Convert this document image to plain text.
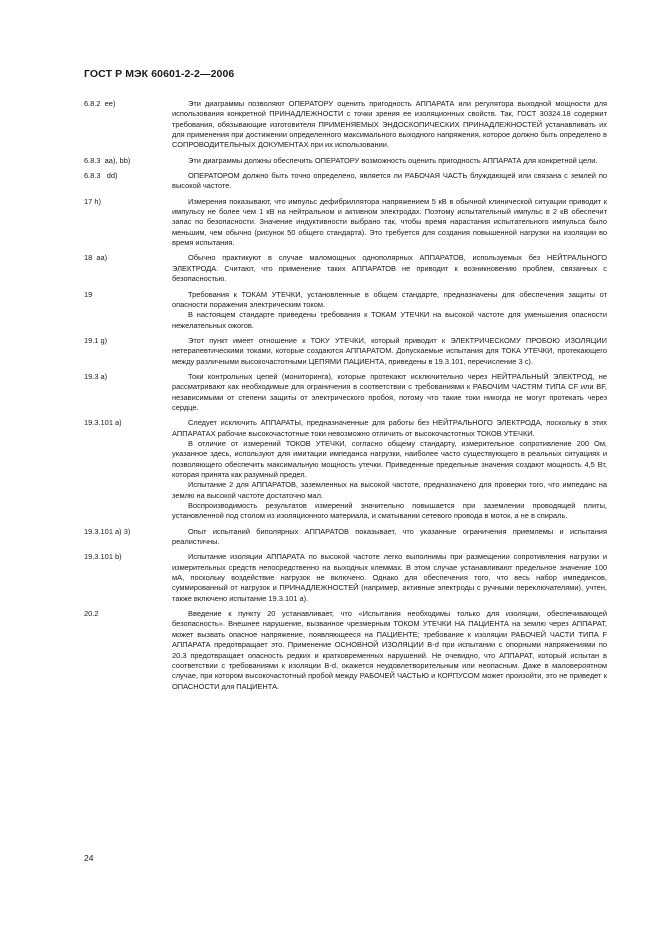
ГОСТ Р МЭК 60601-2-2—2006
6.8.2  ee)	Эти диаграммы позволяют ОПЕРАТОРУ оценить пригодность АППАРАТА или регулятора выходной мощности для использования конкретной ПРИНАДЛЕЖНОСТИ с точки зрения ее изоляционных свойств. Так, ГОСТ 30324.18 содержит требования, обязывающие изготовителя ПРИМЕНЯЕМЫХ ЭНДОСКОПИЧЕСКИХ ПРИНАДЛЕЖНОСТЕЙ устанавливать их для применения при достижении определенного максимального выходного напряжения, которое должно быть определено в СОПРОВОДИТЕЛЬНЫХ ДОКУМЕНТАХ при их использовании.

6.8.3  aa), bb)	Эти диаграммы должны обеспечить ОПЕРАТОРУ возможность оценить пригодность АППАРАТА для конкретной цели.

6.8.3   dd)	ОПЕРАТОРОМ должно быть точно определено, является ли РАБОЧАЯ ЧАСТЬ блуждающей или связана с землей по высокой частоте.

17 h)	Измерения показывают, что импульс дефибриллятора напряжением 5 кВ в обычной клинической ситуации приводит к импульсу не более чем 1 кВ на нейтральном и активном электродах. Поэтому испытательный импульс в 2 кВ обеспечит запас по безопасности. Значение индуктивности выбрано так, чтобы время нарастания испытательного импульса было меньшим, чем обычно (рисунок 50 общего стандарта). Это требуется для создания повышенной нагрузки на изоляции во время испытания.

18  aa)	Обычно практикуют в случае маломощных однополярных АППАРАТОВ, используемых без НЕЙТРАЛЬНОГО ЭЛЕКТРОДА. Считают, что применение таких АППАРАТОВ не приводит к возникновению проблем, связанных с безопасностью.

19	Требования к ТОКАМ УТЕЧКИ, установленные в общем стандарте, предназначены для обеспечения защиты от опасности поражения электрическим током.

В настоящем стандарте приведены требования к ТОКАМ УТЕЧКИ на высокой частоте для уменьшения опасности нежелательных ожогов.

19.1 g)	Этот пункт имеет отношение к ТОКУ УТЕЧКИ, который приводит к ЭЛЕКТРИЧЕСКОМУ ПРОБОЮ ИЗОЛЯЦИИ нетерапевтическими токами, которые создаются АППАРАТОМ. Допускаемые испытания для ТОКА УТЕЧКИ, протекающего между различными высокочастотными ЦЕПЯМИ ПАЦИЕНТА, приведены в 19.3.101, перечисление 3 с).

19.3 a)	Токи контрольных цепей (мониторинга), которые протекают исключительно через НЕЙТРАЛЬНЫЙ ЭЛЕКТРОД, не рассматривают как необходимые для ограничения в соответствии с требованиями к РАБОЧИМ ЧАСТЯМ ТИПА CF или BF, независимыми от степени защиты от электрического пробоя, потому что такие токи никогда не могут протекать через сердце.

19.3.101 a)	Следует исключить АППАРАТЫ, предназначенные для работы без НЕЙТРАЛЬНОГО ЭЛЕКТРОДА, поскольку в этих АППАРАТАХ рабочие высокочастотные токи невозможно отличить от высокочастотных ТОКОВ УТЕЧКИ.

В отличие от измерений ТОКОВ УТЕЧКИ, согласно общему стандарту, измерительное сопротивление 200 Ом, указанное здесь, используют для имитации импеданса нагрузки, наиболее часто существующего в реальных ситуациях и позволяющего обеспечить максимальную мощность утечки. Приведенные предельные значения создают мощность 4,5 Вт, которая принята как разумный предел.

Испытание 2 для АППАРАТОВ, заземленных на высокой частоте, предназначено для проверки того, что импеданс на землю на высокой частоте достаточно мал.

Воспроизводимость результатов измерений значительно повышается при заземлении проводящей плиты, установленной под столом из изоляционного материала, и сматывании сетевого провода в моток, а не в спираль.

19.3.101 a) 3)	Опыт испытаний биполярных АППАРАТОВ показывает, что указанные ограничения приемлемы и испытания реалистичны.

19.3.101 b)	Испытание изоляции АППАРАТА по высокой частоте легко выполнимы при размещении сопротивления нагрузки и измерительных средств непосредственно на выходных клеммах. В этом случае устанавливают предельное значение 100 мА, поскольку воздействие нагрузок не включено. Однако для обеспечения того, что весь набор импедансов, суммированный от нагрузок и ПРИНАДЛЕЖНОСТЕЙ (например, активные электроды с ручными переключателями), учтен, также включено испытание 19.3.101 a).

20.2	Введение к пункту 20 устанавливает, что «Испытания необходимы только для изоляции, обеспечивающей безопасность». Внешнее нарушение, вызванное чрезмерным ТОКОМ УТЕЧКИ НА ПАЦИЕНТА на землю через АППАРАТ, может вызвать опасное напряжение, появляющееся на ПАЦИЕНТЕ; требование к изоляции РАБОЧЕЙ ЧАСТИ ТИПА F АППАРАТА предотвращает это. Применение ОСНОВНОЙ ИЗОЛЯЦИИ B-d при испытании с опорными напряжениями по 20.3 предотвращает опасность редких и кратковременных нарушений. Не очевидно, что АППАРАТ, который испытан в соответствии с требованиями к изоляции B-d, окажется неудовлетворительным или неопасным. Даже в маловероятном случае, при котором высокочастотный пробой между РАБОЧЕЙ ЧАСТЬЮ и КОРПУСОМ может произойти, это не приведет к ОПАСНОСТИ для ПАЦИЕНТА.

24
